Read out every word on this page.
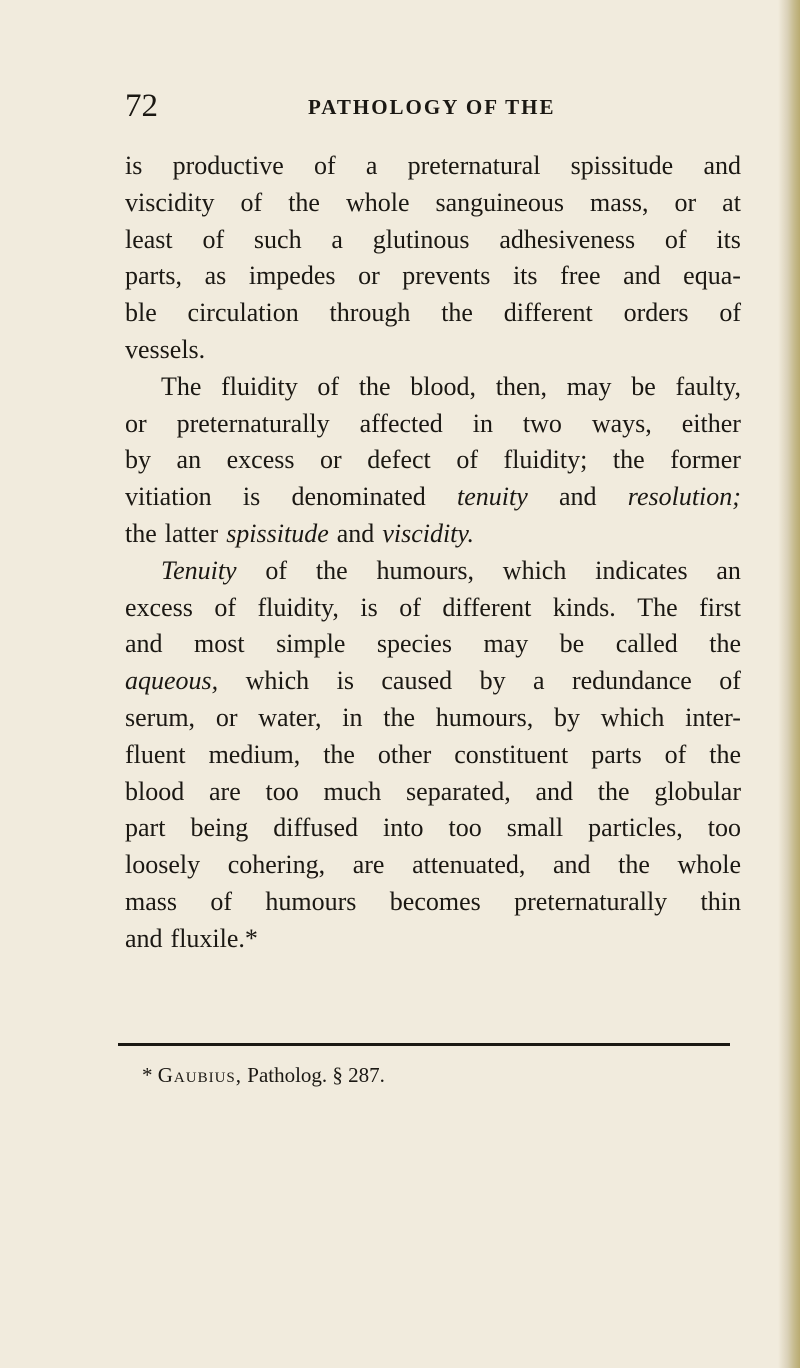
72	PATHOLOGY OF THE
is productive of a preternatural spissitude and
viscidity of the whole sanguineous mass, or at
least of such a glutinous adhesiveness of its
parts, as impedes or prevents its free and equa-
ble circulation through the different orders of
vessels.
The fluidity of the blood, then, may be faulty,
or preternaturally affected in two ways, either
by an excess or defect of fluidity; the former
vitiation is denominated tenuity and resolution;
the latter spissitude and viscidity.
Tenuity of the humours, which indicates an
excess of fluidity, is of different kinds. The first
and most simple species may be called the
aqueous, which is caused by a redundance of
serum, or water, in the humours, by which inter-
fluent medium, the other constituent parts of the
blood are too much separated, and the globular
part being diffused into too small particles, too
loosely cohering, are attenuated, and the whole
mass of humours becomes preternaturally thin
and fluxile.*
* Gaubius, Patholog. § 287.
